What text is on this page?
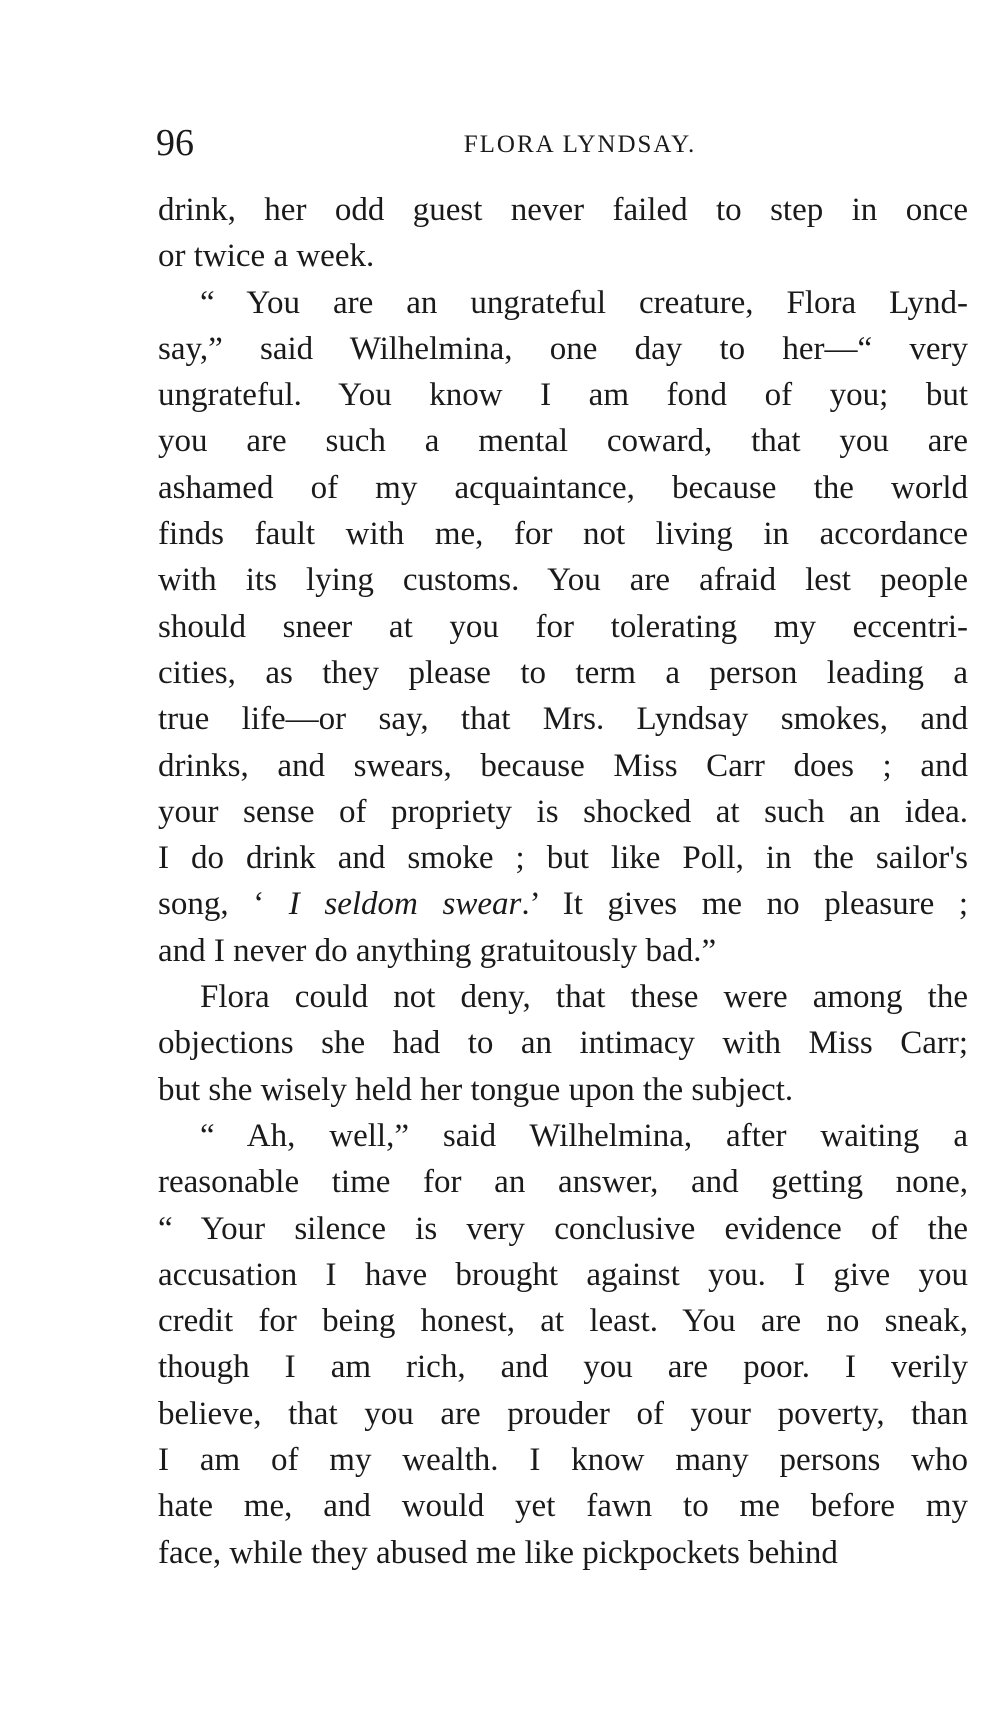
96	FLORA LYNDSAY.
drink, her odd guest never failed to step in once
or twice a week.
“ You are an ungrateful creature, Flora Lynd-
say,” said Wilhelmina, one day to her—“ very
ungrateful. You know I am fond of you; but
you are such a mental coward, that you are
ashamed of my acquaintance, because the world
finds fault with me, for not living in accordance
with its lying customs. You are afraid lest people
should sneer at you for tolerating my eccentri-
cities, as they please to term a person leading a
true life—or say, that Mrs. Lyndsay smokes, and
drinks, and swears, because Miss Carr does ; and
your sense of propriety is shocked at such an idea.
I do drink and smoke ; but like Poll, in the sailor's
song, ‘ I seldom swear.’ It gives me no pleasure ;
and I never do anything gratuitously bad.”
Flora could not deny, that these were among the
objections she had to an intimacy with Miss Carr;
but she wisely held her tongue upon the subject.
“ Ah, well,” said Wilhelmina, after waiting a
reasonable time for an answer, and getting none,
“ Your silence is very conclusive evidence of the
accusation I have brought against you. I give you
credit for being honest, at least. You are no sneak,
though I am rich, and you are poor. I verily
believe, that you are prouder of your poverty, than
I am of my wealth. I know many persons who
hate me, and would yet fawn to me before my
face, while they abused me like pickpockets behind
